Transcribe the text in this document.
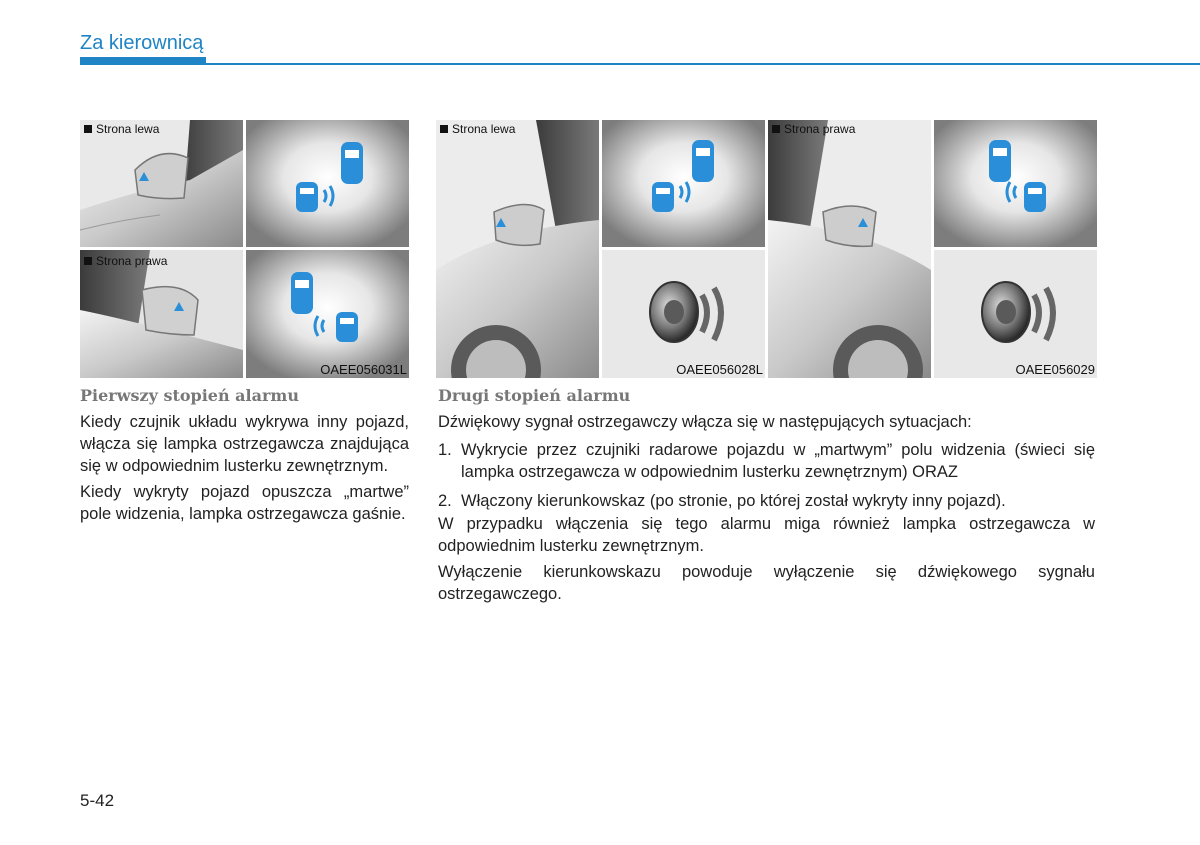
Za kierownicą
Strona lewa
Strona prawa
OAEE056031L
Strona lewa
OAEE056028L
Strona prawa
OAEE056029
Pierwszy stopień alarmu

Kiedy czujnik układu wykrywa inny pojazd, włącza się lampka ostrzegawcza znajdująca się w odpowiednim lusterku zewnętrznym.

Kiedy wykryty pojazd opuszcza „martwe” pole widzenia, lampka ostrzegawcza gaśnie.

Drugi stopień alarmu

Dźwiękowy sygnał ostrzegawczy włącza się w następujących sytuacjach:

1. Wykrycie przez czujniki radarowe pojazdu w „martwym” polu widzenia (świeci się lampka ostrzegawcza w odpowiednim lusterku zewnętrznym) ORAZ
2. Włączony kierunkowskaz (po stronie, po której został wykryty inny pojazd).

W przypadku włączenia się tego alarmu miga również lampka ostrzegawcza w odpowiednim lusterku zewnętrznym.

Wyłączenie kierunkowskazu powoduje wyłączenie się dźwiękowego sygnału ostrzegawczego.

5-42
